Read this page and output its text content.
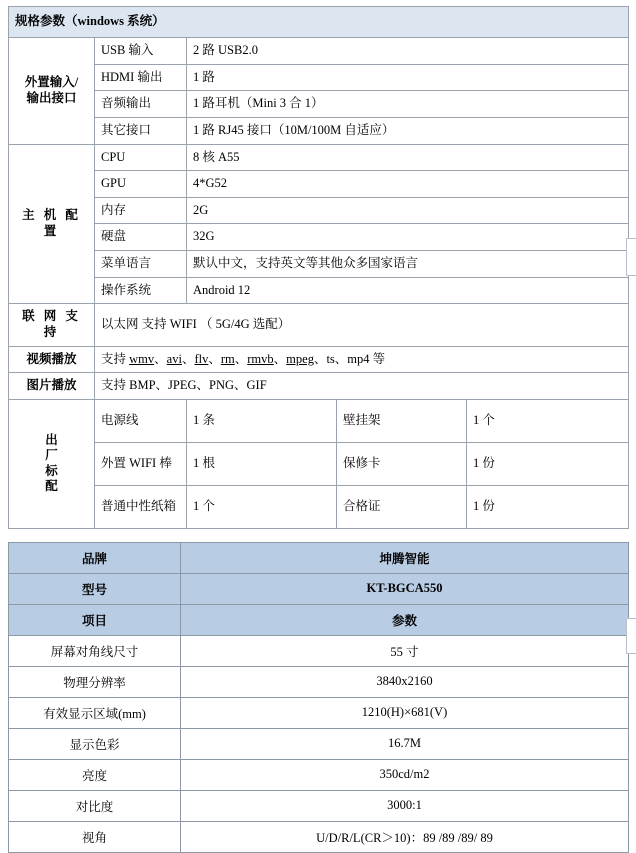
规格参数（windows 系统）				
外置输入/
输出接口	USB 输入	2 路 USB2.0		
	HDMI 输出	1 路		
	音频输出	1 路耳机（Mini 3 合 1）		
	其它接口	1 路 RJ45 接口（10M/100M 自适应）		
主 机 配 置	CPU	8 核 A55		
	GPU	4*G52		
	内存	2G		
	硬盘	32G		
	菜单语言	默认中文，支持英文等其他众多国家语言		
	操作系统	Android 12		
联 网 支 持	以太网 支持 WIFI （ 5G/4G 选配）			
视频播放	支持 wmv、avi、flv、rm、rmvb、mpeg、ts、mp4 等			
图片播放	支持 BMP、JPEG、PNG、GIF			
出
厂
标
配	电源线	1 条	壁挂架	1 个
	外置 WIFI 棒	1 根	保修卡	1 份
	普通中性纸箱	1 个	合格证	1 份
品牌	坤腾智能
型号	KT-BGCA550
项目	参数
屏幕对角线尺寸	55 寸
物理分辨率	3840x2160
有效显示区域(mm)	1210(H)×681(V)
显示色彩	16.7M
亮度	350cd/m2
对比度	3000:1
视角	U/D/R/L(CR＞10)：89 /89 /89/ 89
